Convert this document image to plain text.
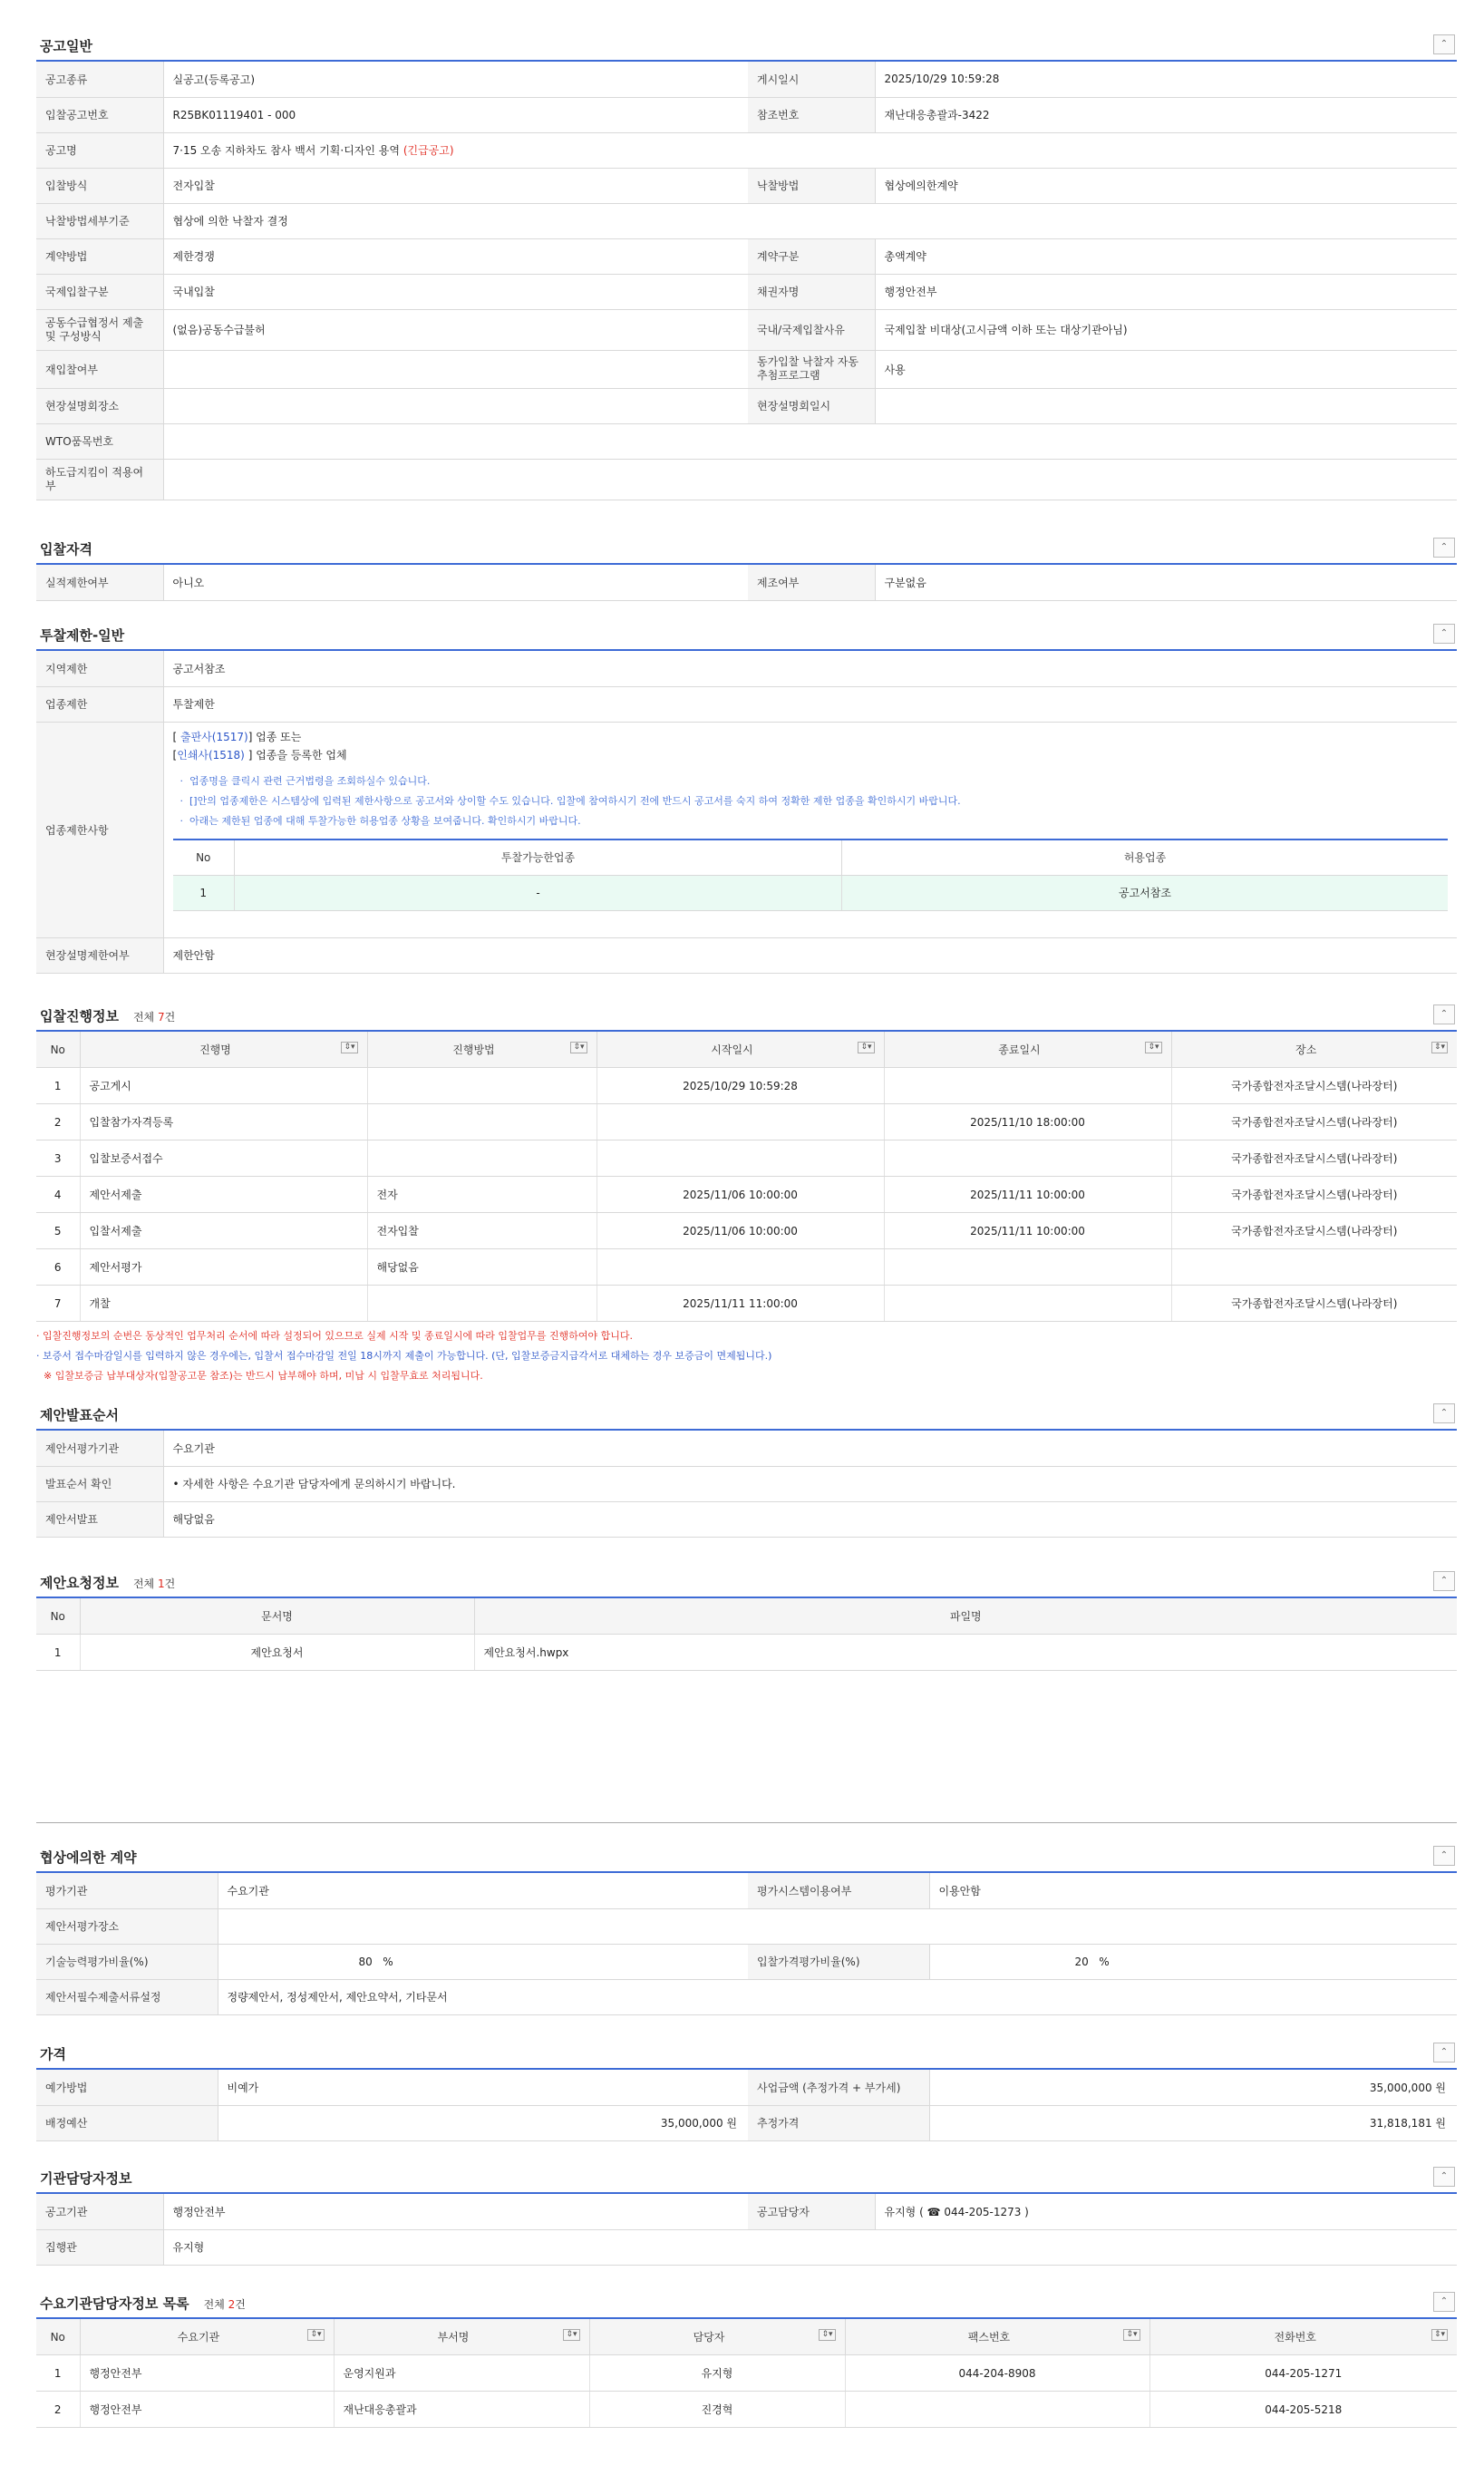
공고일반	⌃
공고종류	실공고(등록공고)	게시일시	2025/10/29 10:59:28
입찰공고번호	R25BK01119401 - 000	참조번호	재난대응총괄과-3422
공고명	7·15 오송 지하차도 참사 백서 기획·디자인 용역 (긴급공고)		
입찰방식	전자입찰	낙찰방법	협상에의한계약
낙찰방법세부기준	협상에 의한 낙찰자 결정		
계약방법	제한경쟁	계약구분	총액계약
국제입찰구분	국내입찰	채권자명	행정안전부
공동수급협정서 제출 및 구성방식	(없음)공동수급불허	국내/국제입찰사유	국제입찰 비대상(고시금액 이하 또는 대상기관아님)
재입찰여부		동가입찰 낙찰자 자동추첨프로그램	사용
현장설명회장소		현장설명회일시	
WTO품목번호			
하도급지킴이 적용여부			
입찰자격	⌃
실적제한여부	아니오	제조여부	구분없음
투찰제한-일반	⌃
지역제한	공고서참조
업종제한	투찰제한
업종제한사항	
[ 출판사(1517)] 업종 또는
[인쇄사(1518) ] 업종을 등록한 업체
·  업종명을 클릭시 관련 근거법령을 조회하실수 있습니다.
·  []안의 업종제한은 시스템상에 입력된 제한사항으로 공고서와 상이할 수도 있습니다. 입찰에 참여하시기 전에 반드시 공고서를 숙지 하여 정확한 제한 업종을 확인하시기 바랍니다.
·  아래는 제한된 업종에 대해 투찰가능한 허용업종 상황을 보여줍니다. 확인하시기 바랍니다.
No	투찰가능한업종	허용업종
1	-	공고서참조

현장설명제한여부	제한안함
입찰진행정보 전체 7건	⌃
No	진행명 ⇕▾	진행방법 ⇕▾	시작일시 ⇕▾	종료일시 ⇕▾	장소 ⇕▾

1	공고게시		2025/10/29 10:59:28		국가종합전자조달시스템(나라장터)
2	입찰참가자격등록			2025/11/10 18:00:00	국가종합전자조달시스템(나라장터)
3	입찰보증서접수				국가종합전자조달시스템(나라장터)
4	제안서제출	전자	2025/11/06 10:00:00	2025/11/11 10:00:00	국가종합전자조달시스템(나라장터)
5	입찰서제출	전자입찰	2025/11/06 10:00:00	2025/11/11 10:00:00	국가종합전자조달시스템(나라장터)
6	제안서평가	해당없음			
7	개찰		2025/11/11 11:00:00		국가종합전자조달시스템(나라장터)
· 입찰진행정보의 순번은 동상적인 업무처리 순서에 따라 설정되어 있으므로 실제 시작 및 종료일시에 따라 입찰업무를 진행하여야 합니다.
· 보증서 접수마감일시를 입력하지 않은 경우에는, 입찰서 접수마감일 전일 18시까지 제출이 가능합니다. (단, 입찰보증금지급각서로 대체하는 경우 보증금이 면제됩니다.)
※ 입찰보증금 납부대상자(입찰공고문 참조)는 반드시 납부해야 하며, 미납 시 입찰무효로 처리됩니다.
제안발표순서	⌃
제안서평가기관	수요기관
발표순서 확인	• 자세한 사항은 수요기관 담당자에게 문의하시기 바랍니다.
제안서발표	해당없음
제안요청정보 전체 1건	⌃
No	문서명	파일명
1	제안요청서	제안요청서.hwpx
협상에의한 계약	⌃
평가기관	수요기관	평가시스템이용여부	이용안함
제안서평가장소			
기술능력평가비율(%)	80 %	입찰가격평가비율(%)	20 %
제안서필수제출서류설정	정량제안서, 정성제안서, 제안요약서, 기타문서		
가격	⌃
예가방법	비예가	사업금액 (추정가격 + 부가세)	35,000,000 원
배정예산	35,000,000 원	추정가격	31,818,181 원
기관담당자정보	⌃
공고기관	행정안전부	공고담당자	유지형 ( ☎ 044-205-1273 )
집행관	유지형		
수요기관담당자정보 목록 전체 2건	⌃
No	수요기관 ⇕▾	부서명 ⇕▾	담당자 ⇕▾	팩스번호 ⇕▾	전화번호 ⇕▾

1	행정안전부	운영지원과	유지형	044-204-8908	044-205-1271
2	행정안전부	재난대응총괄과	진경혁		044-205-5218
